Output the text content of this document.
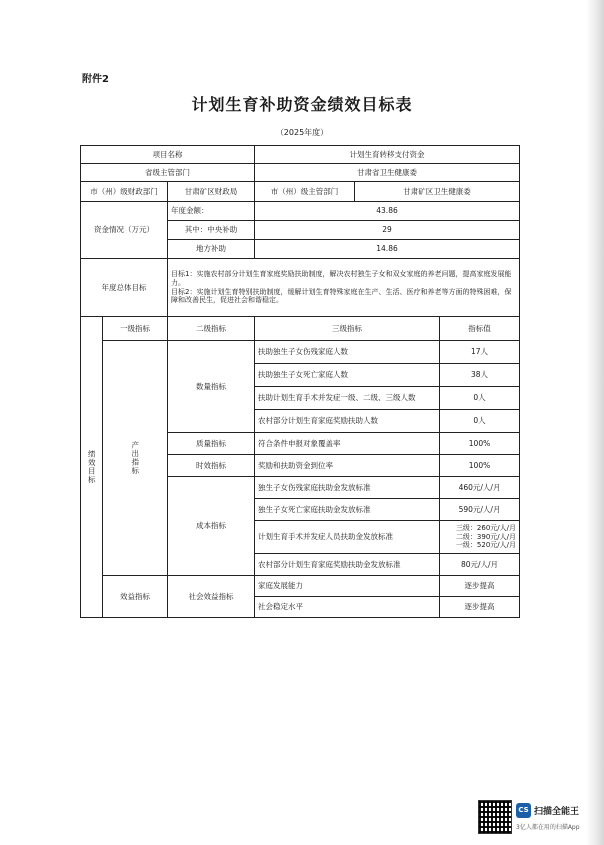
附件2
计划生育补助资金绩效目标表
（2025年度）
项目名称			计划生育转移支付资金		
省级主管部门			甘肃省卫生健康委		
市（州）级财政部门		甘肃矿区财政局	市（州）级主管部门	甘肃矿区卫生健康委	
资金情况（万元）		年度金额：	43.86		
		其中：中央补助	29		
		地方补助	14.86		
年度总体目标		目标1：实施农村部分计划生育家庭奖励扶助制度，解决农村独生子女和双女家庭的养老问题，提高家庭发展能力。
目标2：实施计划生育特别扶助制度，缓解计划生育特殊家庭在生产、生活、医疗和养老等方面的特殊困难，保障和改善民生，促进社会和谐稳定。			

绩效目标	一级指标	二级指标	三级指标		指标值

	产出指标	数量指标	扶助独生子女伤残家庭人数		17人
			扶助独生子女死亡家庭人数		38人
			扶助计划生育手术并发症一级、二级、三级人数		0人
			农村部分计划生育家庭奖励扶助人数		0人
		质量指标	符合条件申报对象覆盖率		100%
		时效指标	奖励和扶助资金到位率		100%
		成本指标	独生子女伤残家庭扶助金发放标准		460元/人/月
			独生子女死亡家庭扶助金发放标准		590元/人/月
			计划生育手术并发症人员扶助金发放标准		三级：260元/人/月
二级：390元/人/月
一级：520元/人/月
			农村部分计划生育家庭奖励扶助金发放标准		80元/人/月
	效益指标	社会效益指标	家庭发展能力		逐步提高
			社会稳定水平		逐步提高
CS 扫描全能王
3亿人都在用的扫描App
